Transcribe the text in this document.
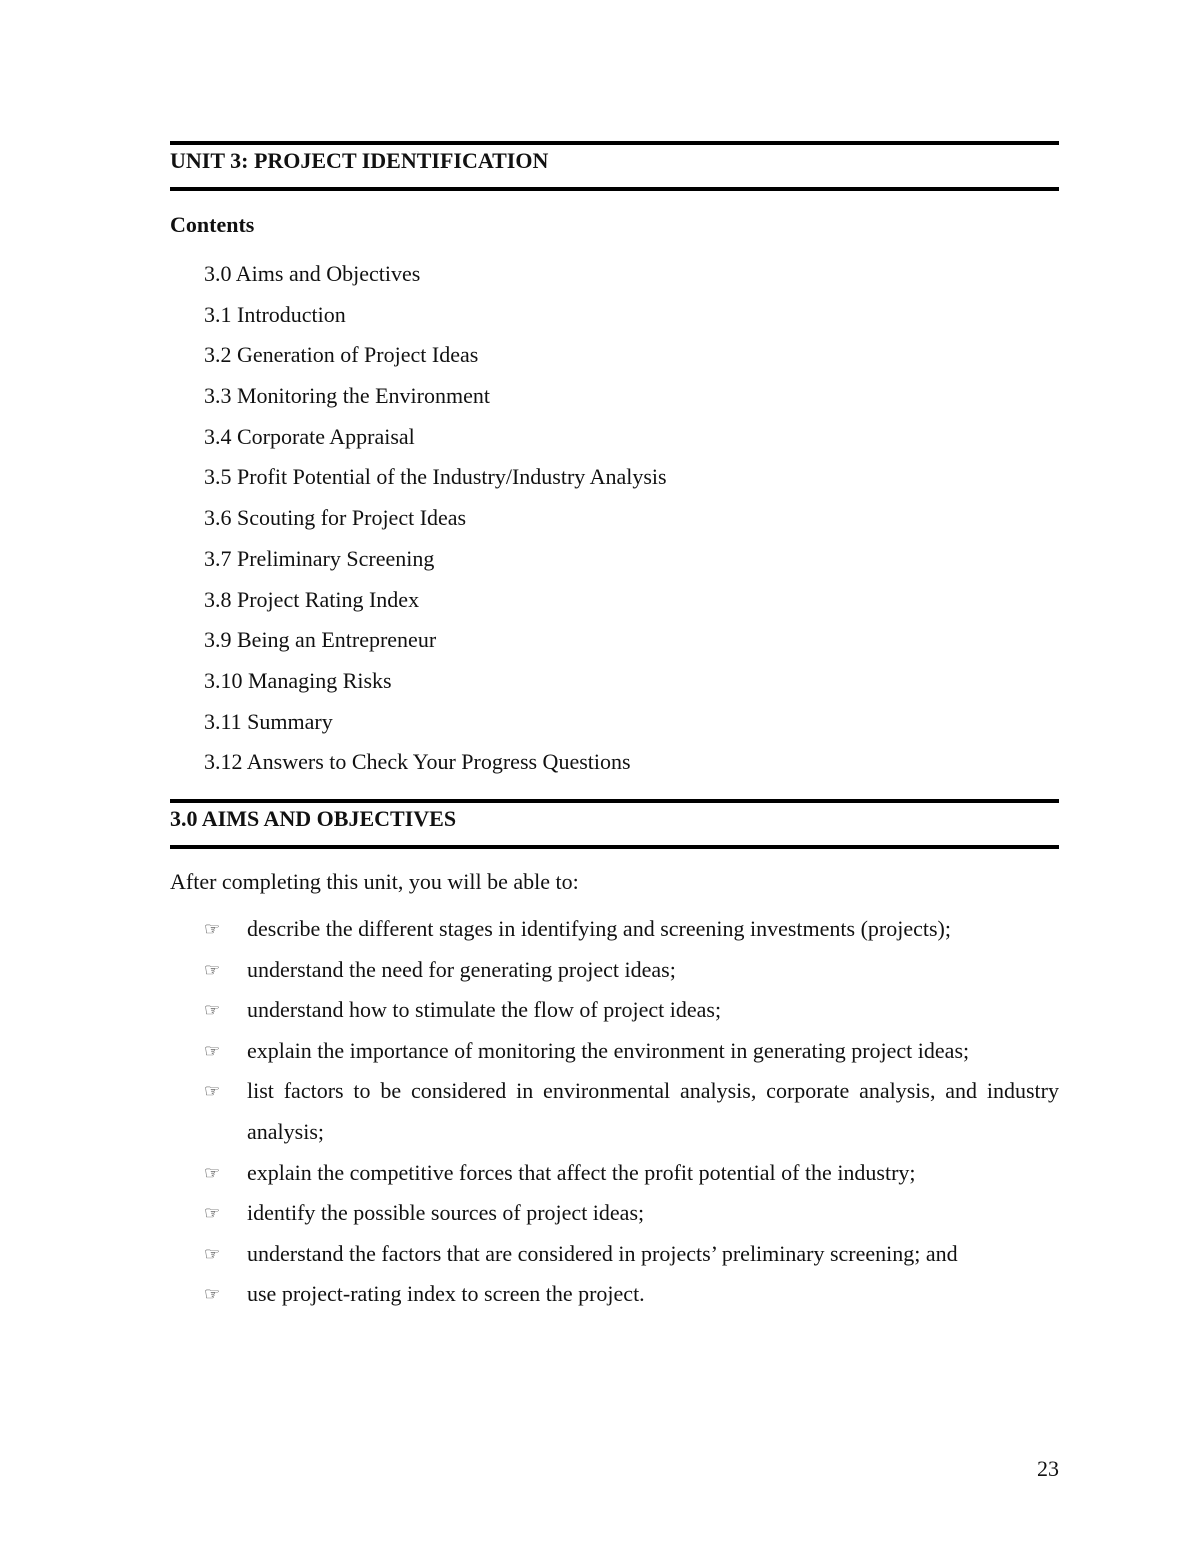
UNIT 3: PROJECT IDENTIFICATION
Contents
3.0 Aims and Objectives
3.1 Introduction
3.2 Generation of Project Ideas
3.3 Monitoring the Environment
3.4 Corporate Appraisal
3.5 Profit Potential of the Industry/Industry Analysis
3.6 Scouting for Project Ideas
3.7 Preliminary Screening
3.8 Project Rating Index
3.9 Being an Entrepreneur
3.10 Managing Risks
3.11 Summary
3.12 Answers to Check Your Progress Questions
3.0 AIMS AND OBJECTIVES
After completing this unit, you will be able to:
☞ describe the different stages in identifying and screening investments (projects);
☞ understand the need for generating project ideas;
☞ understand how to stimulate the flow of project ideas;
☞ explain the importance of monitoring the environment in generating project ideas;
☞ list factors to be considered in environmental analysis, corporate analysis, and industry analysis;
☞ explain the competitive forces that affect the profit potential of the industry;
☞ identify the possible sources of project ideas;
☞ understand the factors that are considered in projects’ preliminary screening; and
☞ use project-rating index to screen the project.
23
